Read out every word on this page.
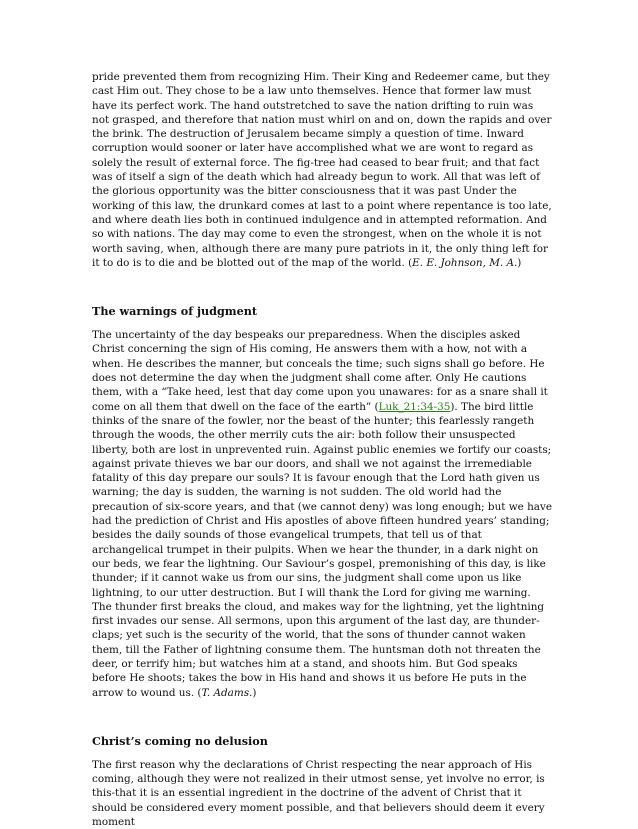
pride prevented them from recognizing Him. Their King and Redeemer came, but they cast Him out. They chose to be a law unto themselves. Hence that former law must have its perfect work. The hand outstretched to save the nation drifting to ruin was not grasped, and therefore that nation must whirl on and on, down the rapids and over the brink. The destruction of Jerusalem became simply a question of time. Inward corruption would sooner or later have accomplished what we are wont to regard as solely the result of external force. The fig-tree had ceased to bear fruit; and that fact was of itself a sign of the death which had already begun to work. All that was left of the glorious opportunity was the bitter consciousness that it was past Under the working of this law, the drunkard comes at last to a point where repentance is too late, and where death lies both in continued indulgence and in attempted reformation. And so with nations. The day may come to even the strongest, when on the whole it is not worth saving, when, although there are many pure patriots in it, the only thing left for it to do is to die and be blotted out of the map of the world. (E. E. Johnson, M. A.)

The warnings of judgment

The uncertainty of the day bespeaks our preparedness. When the disciples asked Christ concerning the sign of His coming, He answers them with a how, not with a when. He describes the manner, but conceals the time; such signs shall go before. He does not determine the day when the judgment shall come after. Only He cautions them, with a “Take heed, lest that day come upon you unawares: for as a snare shall it come on all them that dwell on the face of the earth” (Luk_21:34-35). The bird little thinks of the snare of the fowler, nor the beast of the hunter; this fearlessly rangeth through the woods, the other merrily cuts the air: both follow their unsuspected liberty, both are lost in unprevented ruin. Against public enemies we fortify our coasts; against private thieves we bar our doors, and shall we not against the irremediable fatality of this day prepare our souls? It is favour enough that the Lord hath given us warning; the day is sudden, the warning is not sudden. The old world had the precaution of six-score years, and that (we cannot deny) was long enough; but we have had the prediction of Christ and His apostles of above fifteen hundred years’ standing; besides the daily sounds of those evangelical trumpets, that tell us of that archangelical trumpet in their pulpits. When we hear the thunder, in a dark night on our beds, we fear the lightning. Our Saviour’s gospel, premonishing of this day, is like thunder; if it cannot wake us from our sins, the judgment shall come upon us like lightning, to our utter destruction. But I will thank the Lord for giving me warning. The thunder first breaks the cloud, and makes way for the lightning, yet the lightning first invades our sense. All sermons, upon this argument of the last day, are thunder-claps; yet such is the security of the world, that the sons of thunder cannot waken them, till the Father of lightning consume them. The huntsman doth not threaten the deer, or terrify him; but watches him at a stand, and shoots him. But God speaks before He shoots; takes the bow in His hand and shows it us before He puts in the arrow to wound us. (T. Adams.)

Christ’s coming no delusion

The first reason why the declarations of Christ respecting the near approach of His coming, although they were not realized in their utmost sense, yet involve no error, is this-that it is an essential ingredient in the doctrine of the advent of Christ that it should be considered every moment possible, and that believers should deem it every moment
